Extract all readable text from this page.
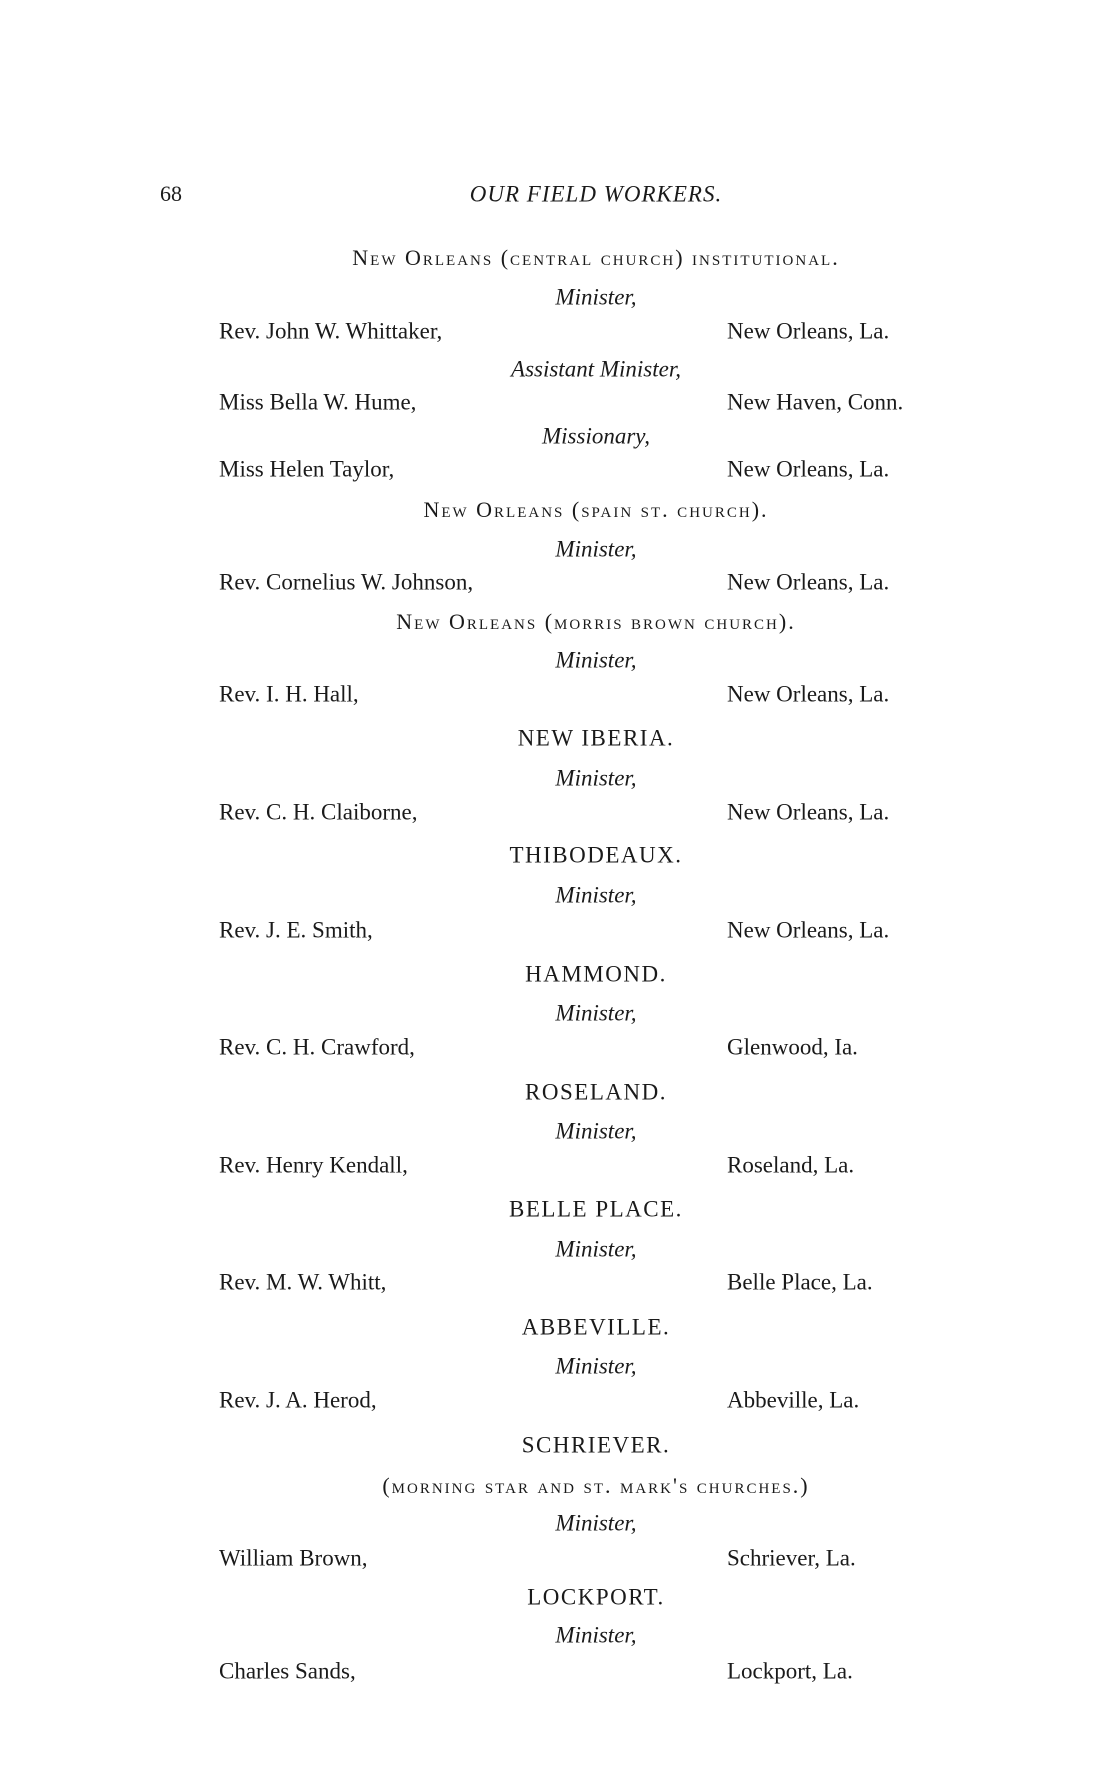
68	OUR FIELD WORKERS.
New Orleans (central church) institutional.
Minister,
Rev. John W. Whittaker,	New Orleans, La.
Assistant Minister,
Miss Bella W. Hume,	New Haven, Conn.
Missionary,
Miss Helen Taylor,	New Orleans, La.
New Orleans (spain st. church).
Minister,
Rev. Cornelius W. Johnson,	New Orleans, La.
New Orleans (morris brown church).
Minister,
Rev. I. H. Hall,	New Orleans, La.
NEW IBERIA.
Minister,
Rev. C. H. Claiborne,	New Orleans, La.
THIBODEAUX.
Minister,
Rev. J. E. Smith,	New Orleans, La.
HAMMOND.
Minister,
Rev. C. H. Crawford,	Glenwood, Ia.
ROSELAND.
Minister,
Rev. Henry Kendall,	Roseland, La.
BELLE PLACE.
Minister,
Rev. M. W. Whitt,	Belle Place, La.
ABBEVILLE.
Minister,
Rev. J. A. Herod,	Abbeville, La.
SCHRIEVER.
(morning star and st. mark's churches.)
Minister,
William Brown,	Schriever, La.
LOCKPORT.
Minister,
Charles Sands,	Lockport, La.
